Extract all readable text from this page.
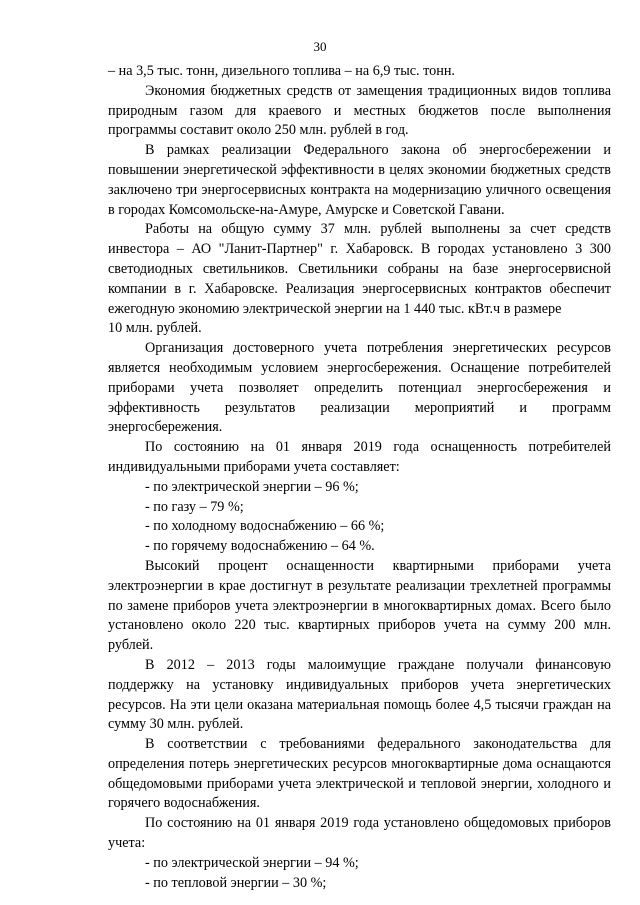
30

– на 3,5 тыс. тонн, дизельного топлива – на 6,9 тыс. тонн.

Экономия бюджетных средств от замещения традиционных видов топлива природным газом для краевого и местных бюджетов после выполнения программы составит около 250 млн. рублей в год.

В рамках реализации Федерального закона об энергосбережении и повышении энергетической эффективности в целях экономии бюджетных средств заключено три энергосервисных контракта на модернизацию уличного освещения в городах Комсомольске-на-Амуре, Амурске и Советской Гавани.

Работы на общую сумму 37 млн. рублей выполнены за счет средств инвестора – АО "Ланит-Партнер" г. Хабаровск. В городах установлено 3 300 светодиодных светильников. Светильники собраны на базе энергосервисной компании в г. Хабаровске. Реализация энергосервисных контрактов обеспечит ежегодную экономию электрической энергии на 1 440 тыс. кВт.ч в размере

10 млн. рублей.

Организация достоверного учета потребления энергетических ресурсов является необходимым условием энергосбережения. Оснащение потребителей приборами учета позволяет определить потенциал энергосбережения и эффективность результатов реализации мероприятий и программ энергосбережения.

По состоянию на 01 января 2019 года оснащенность потребителей индивидуальными приборами учета составляет:

- по электрической энергии – 96 %;

- по газу – 79 %;

- по холодному водоснабжению – 66 %;

- по горячему водоснабжению – 64 %.

Высокий процент оснащенности квартирными приборами учета электроэнергии в крае достигнут в результате реализации трехлетней программы по замене приборов учета электроэнергии в многоквартирных домах. Всего было установлено около 220 тыс. квартирных приборов учета на сумму 200 млн. рублей.

В 2012 – 2013 годы малоимущие граждане получали финансовую поддержку на установку индивидуальных приборов учета энергетических ресурсов. На эти цели оказана материальная помощь более 4,5 тысячи граждан на сумму 30 млн. рублей.

В соответствии с требованиями федерального законодательства для определения потерь энергетических ресурсов многоквартирные дома оснащаются общедомовыми приборами учета электрической и тепловой энергии, холодного и горячего водоснабжения.

По состоянию на 01 января 2019 года установлено общедомовых приборов учета:

- по электрической энергии – 94 %;

- по тепловой энергии – 30 %;
